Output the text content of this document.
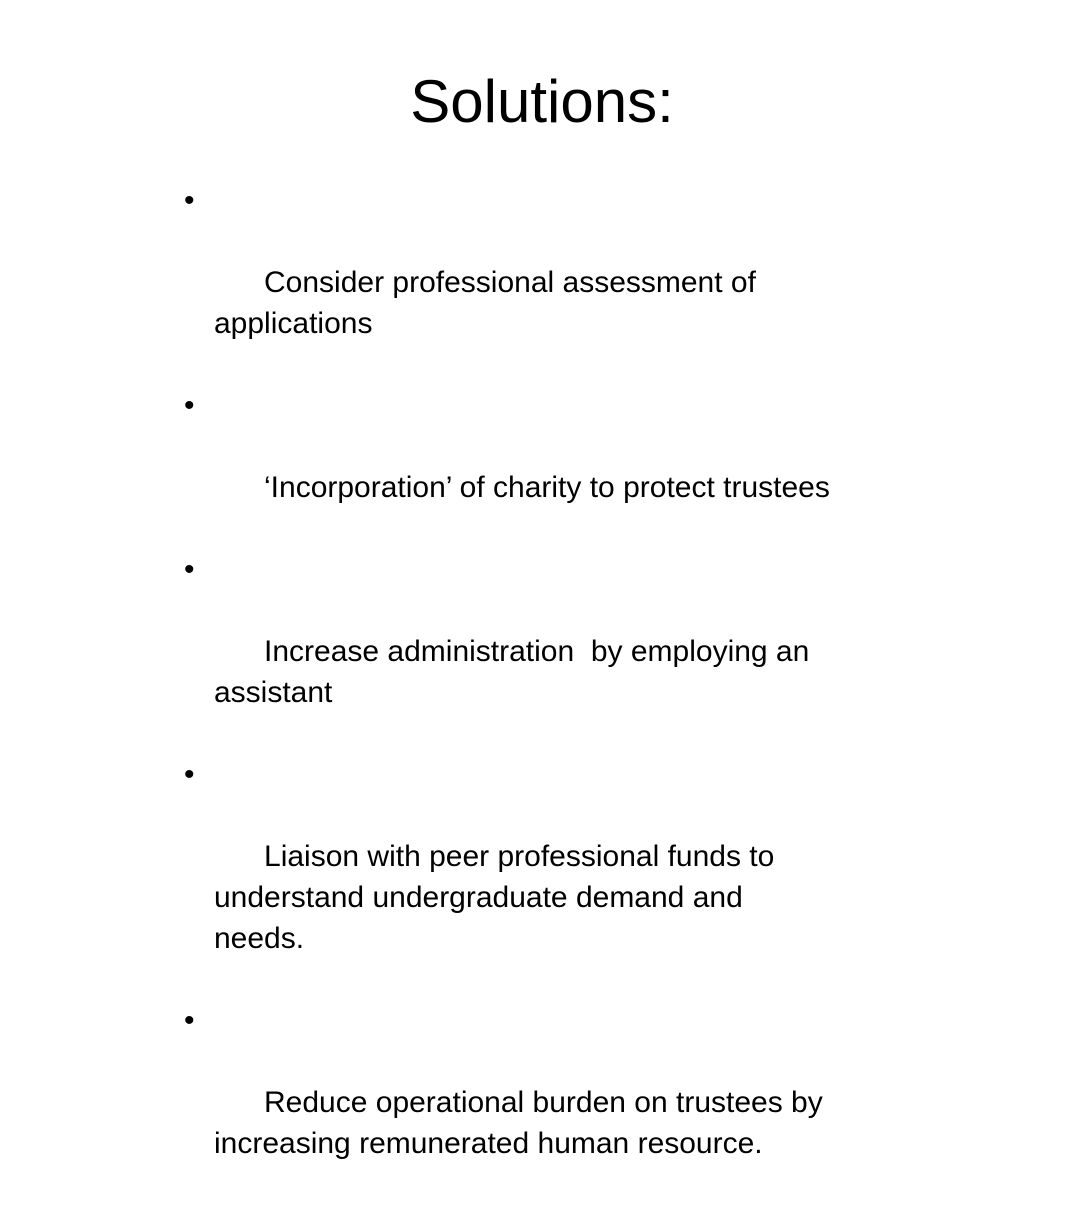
Solutions:

•

Consider professional assessment of
applications

•

‘Incorporation’ of charity to protect trustees

•

Increase administration  by employing an
assistant

•

Liaison with peer professional funds to
understand undergraduate demand and
needs.

•

Reduce operational burden on trustees by
increasing remunerated human resource.
